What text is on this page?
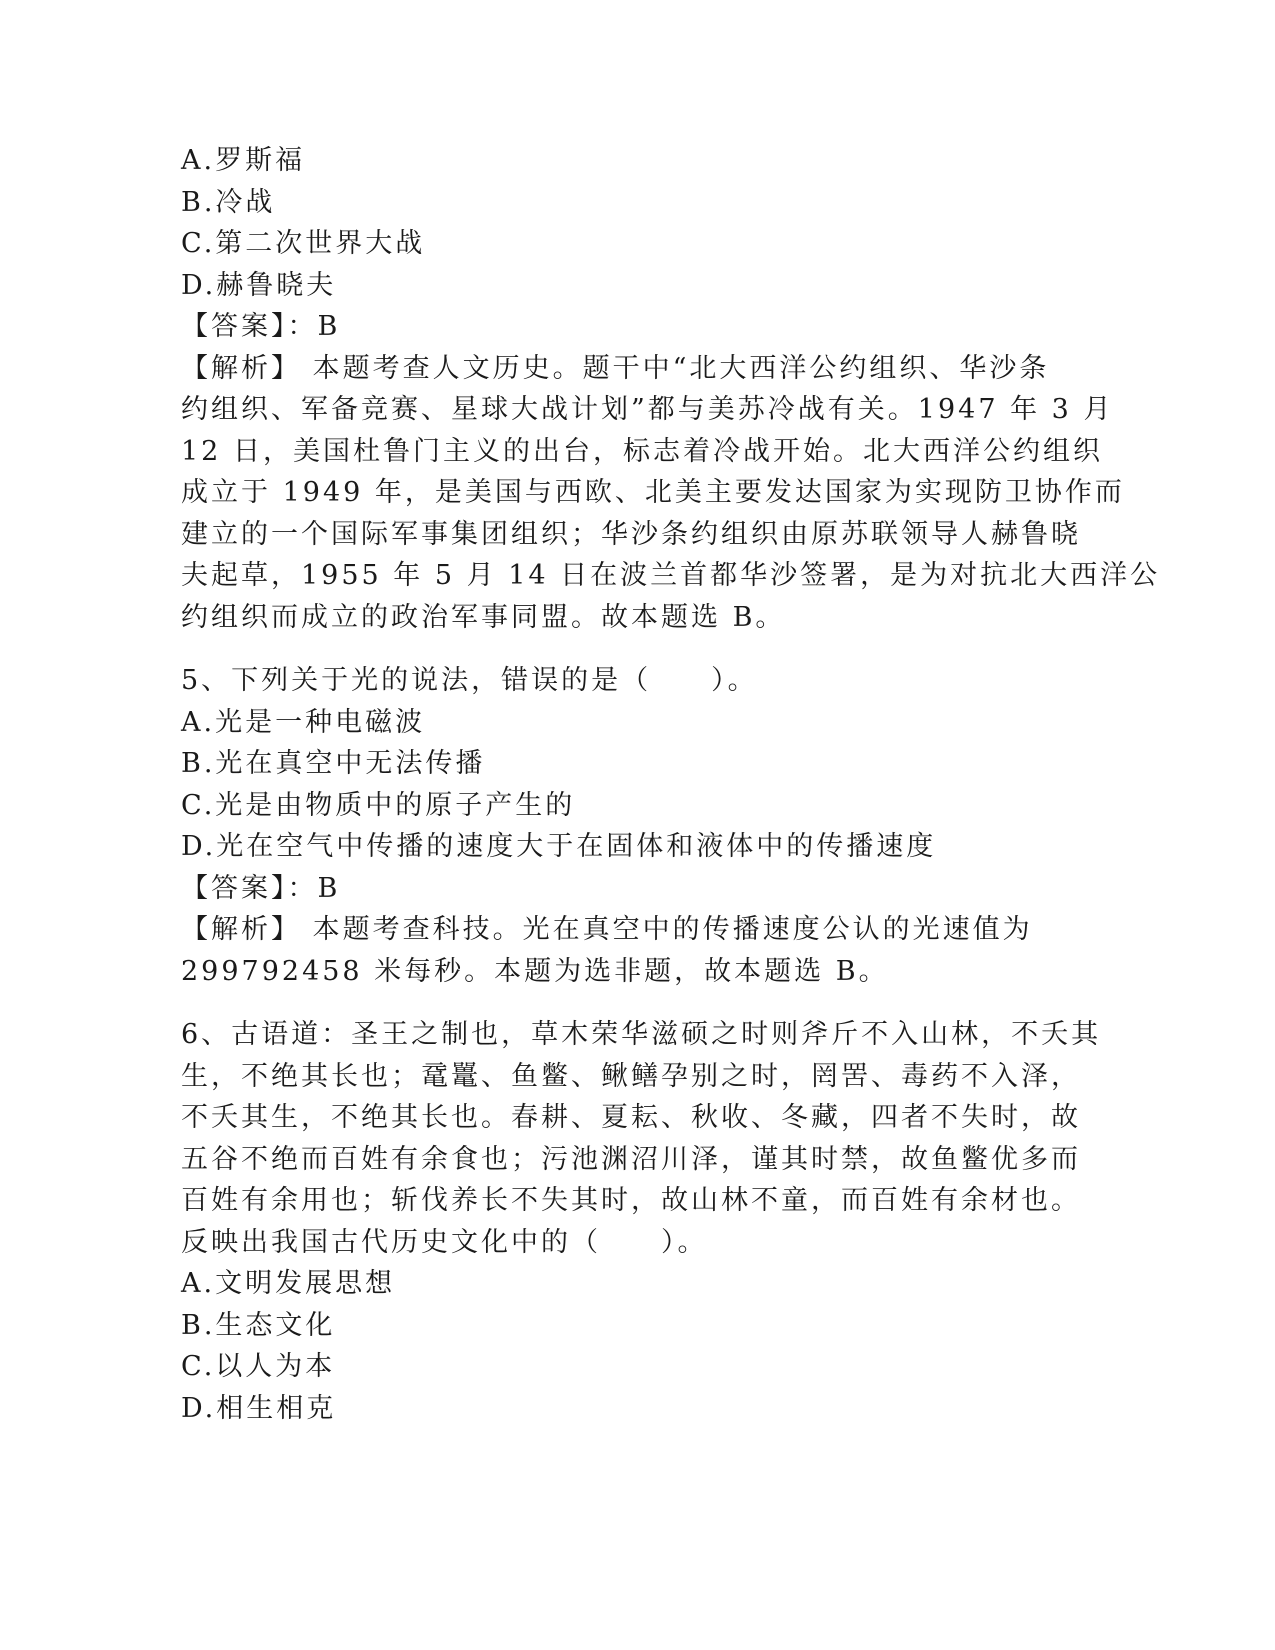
A.罗斯福
B.冷战
C.第二次世界大战
D.赫鲁晓夫
【答案】：B
【解析】 本题考查人文历史。题干中“北大西洋公约组织、华沙条
约组织、军备竞赛、星球大战计划”都与美苏冷战有关。1947 年 3 月
12 日，美国杜鲁门主义的出台，标志着冷战开始。北大西洋公约组织
成立于 1949 年，是美国与西欧、北美主要发达国家为实现防卫协作而
建立的一个国际军事集团组织；华沙条约组织由原苏联领导人赫鲁晓
夫起草，1955 年 5 月 14 日在波兰首都华沙签署，是为对抗北大西洋公
约组织而成立的政治军事同盟。故本题选 B。
5、下列关于光的说法，错误的是（　　）。
A.光是一种电磁波
B.光在真空中无法传播
C.光是由物质中的原子产生的
D.光在空气中传播的速度大于在固体和液体中的传播速度
【答案】：B
【解析】 本题考查科技。光在真空中的传播速度公认的光速值为
299792458 米每秒。本题为选非题，故本题选 B。
6、古语道：圣王之制也，草木荣华滋硕之时则斧斤不入山林，不夭其
生，不绝其长也；鼋鼍、鱼鳖、鳅鳝孕别之时，罔罟、毒药不入泽，
不夭其生，不绝其长也。春耕、夏耘、秋收、冬藏，四者不失时，故
五谷不绝而百姓有余食也；污池渊沼川泽，谨其时禁，故鱼鳖优多而
百姓有余用也；斩伐养长不失其时，故山林不童，而百姓有余材也。
反映出我国古代历史文化中的（　　）。
A.文明发展思想
B.生态文化
C.以人为本
D.相生相克
